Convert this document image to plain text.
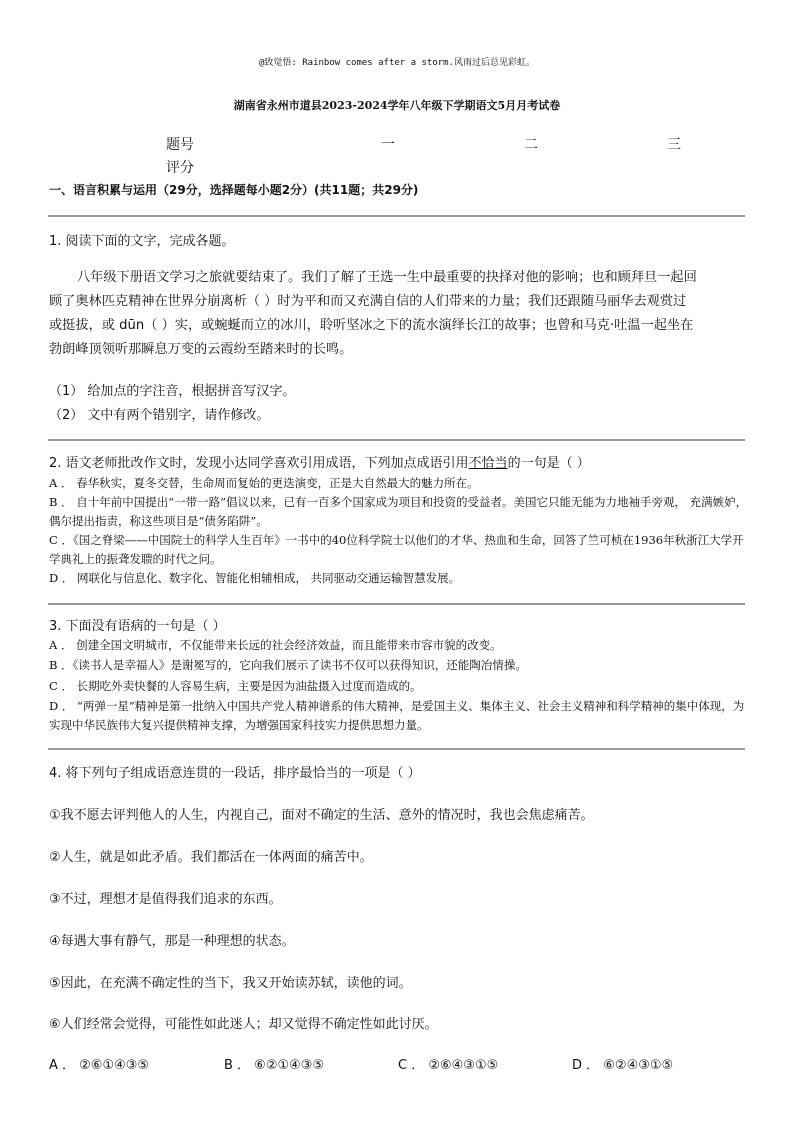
@致觉悟: Rainbow comes after a storm.风雨过后总见彩虹。
湖南省永州市道县2023-2024学年八年级下学期语文5月月考试卷
题号	一	二	三
评分
一、语言积累与运用（29分，选择题每小题2分）(共11题；共29分)
1. 阅读下面的文字，完成各题。
八年级下册语文学习之旅就要结束了。我们了解了王选一生中最重要的抉择对他的影响；也和顾拜旦一起回
顾了奥林匹克精神在世界分崩离析（ ）时为平和而又充满自信的人们带来的力量；我们还跟随马丽华去观赏过
或挺拔，或 dūn（ ）实，或蜿蜒而立的冰川，聆听坚冰之下的流水演绎长江的故事；也曾和马克·吐温一起坐在
勃朗峰顶领听那瞬息万变的云霞纷至踏来时的长鸣。
（1） 给加点的字注音，根据拼音写汉字。
（2） 文中有两个错别字，请作修改。
2. 语文老师批改作文时，发现小达同学喜欢引用成语，下列加点成语引用不恰当的一句是（ ）
A ． 春华秋实，夏冬交替，生命周而复始的更迭演变，正是大自然最大的魅力所在。
B ． 自十年前中国提出“一带一路”倡议以来，已有一百多个国家成为项目和投资的受益者。美国它只能无能为力地袖手旁观， 充满嫉妒，偶尔提出指责，称这些项目是“债务陷阱”。
C ．《国之脊梁——中国院士的科学人生百年》一书中的40位科学院士以他们的才华、热血和生命，回答了竺可桢在1936年秋浙江大学开学典礼上的振聋发聩的时代之问。
D ． 网联化与信息化、数字化、智能化相辅相成， 共同驱动交通运输智慧发展。
3. 下面没有语病的一句是（ ）
A ． 创建全国文明城市，不仅能带来长远的社会经济效益，而且能带来市容市貌的改变。
B ．《读书人是幸福人》是谢冕写的，它向我们展示了读书不仅可以获得知识，还能陶冶情操。
C ． 长期吃外卖快餐的人容易生病，主要是因为油盐摄入过度而造成的。
D ． “两弹一星”精神是第一批纳入中国共产党人精神谱系的伟大精神，是爱国主义、集体主义、社会主义精神和科学精神的集中体现，为实现中华民族伟大复兴提供精神支撑，为增强国家科技实力提供思想力量。
4. 将下列句子组成语意连贯的一段话，排序最恰当的一项是（ ）
①我不愿去评判他人的人生，内视自己，面对不确定的生活、意外的情况时，我也会焦虑痛苦。
②人生，就是如此矛盾。我们都活在一体两面的痛苦中。
③不过，理想才是值得我们追求的东西。
④每遇大事有静气，那是一种理想的状态。
⑤因此，在充满不确定性的当下，我又开始读苏轼，读他的词。
⑥人们经常会觉得，可能性如此迷人；却又觉得不确定性如此讨厌。
A ． ②⑥①④③⑤	B ． ⑥②①④③⑤	C ． ②⑥④③①⑤	D ． ⑥②④③①⑤
